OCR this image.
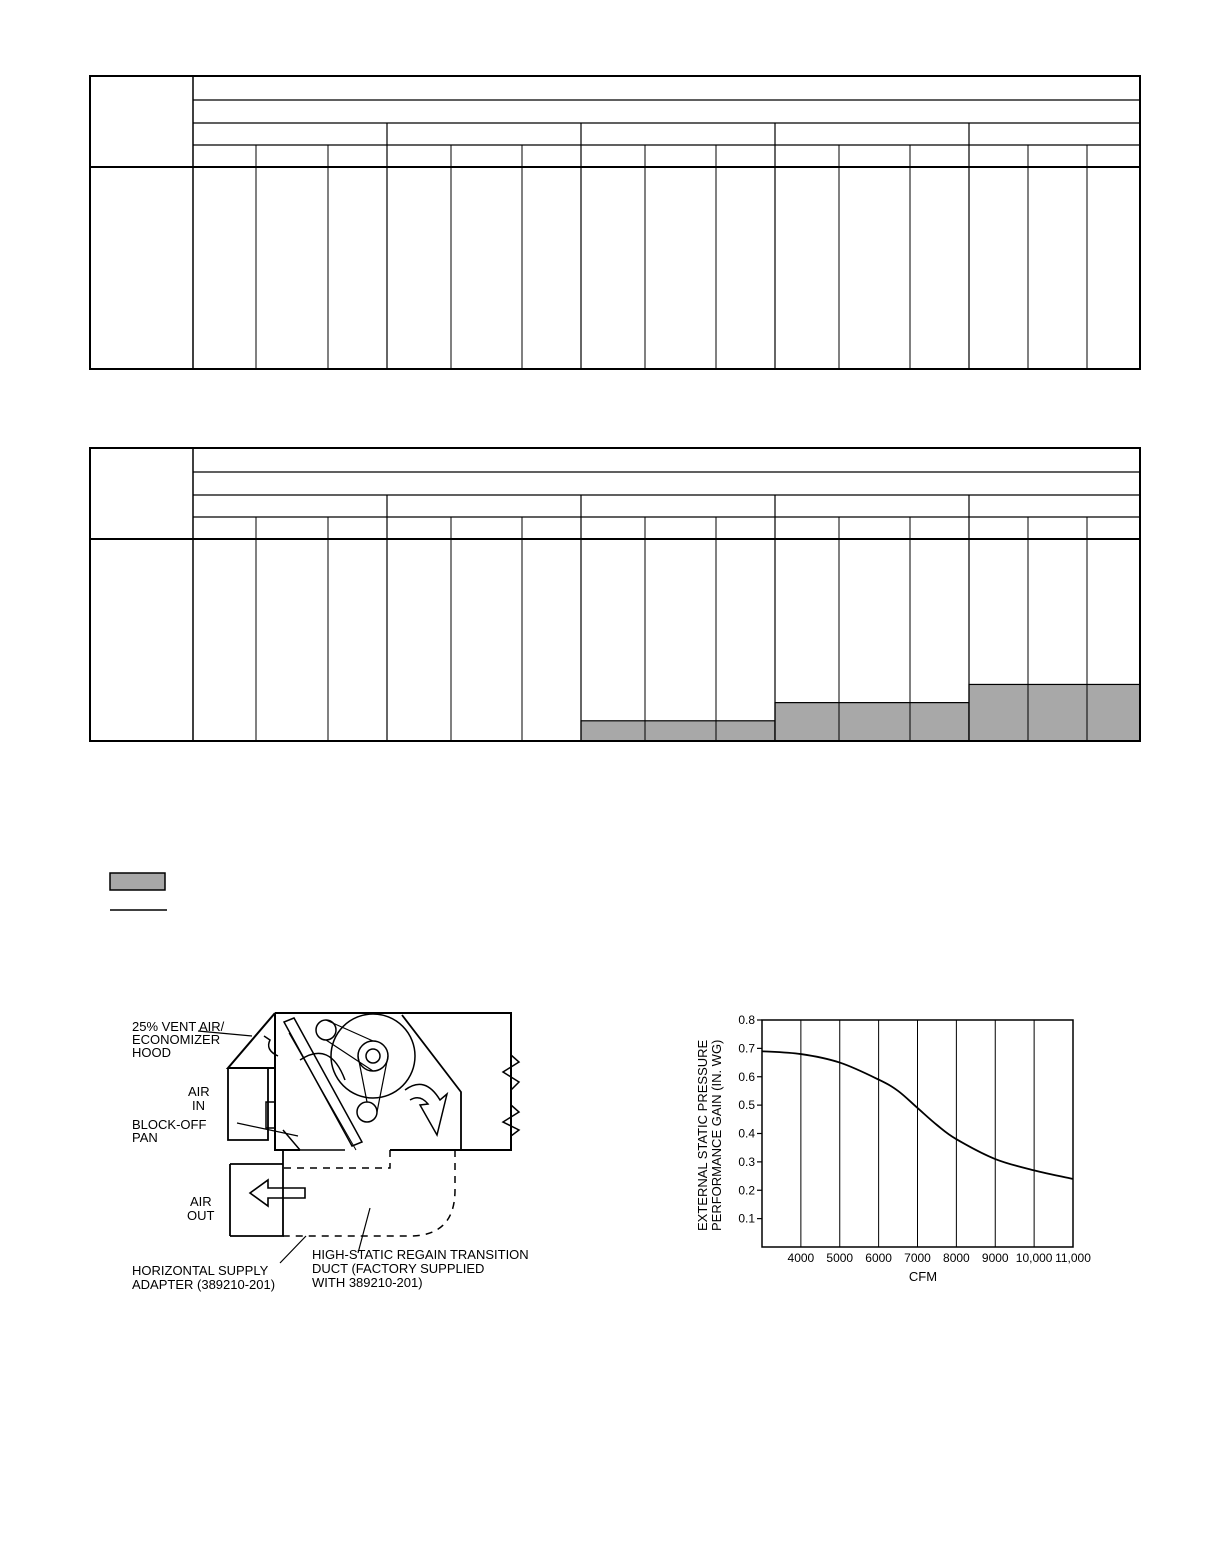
25% VENT AIR/ ECONOMIZER HOOD
AIR IN
BLOCK-OFF PAN
AIR OUT
HORIZONTAL SUPPLY ADAPTER (389210-201)
HIGH-STATIC REGAIN TRANSITION DUCT (FACTORY SUPPLIED WITH 389210-201)
0.1
0.2
0.3
0.4
0.5
0.6
0.7
0.8
4000 5000 6000 7000 8000 9000 10,000 11,000
EXTERNAL STATIC PRESSURE PERFORMANCE GAIN (IN. WG)
CFM
